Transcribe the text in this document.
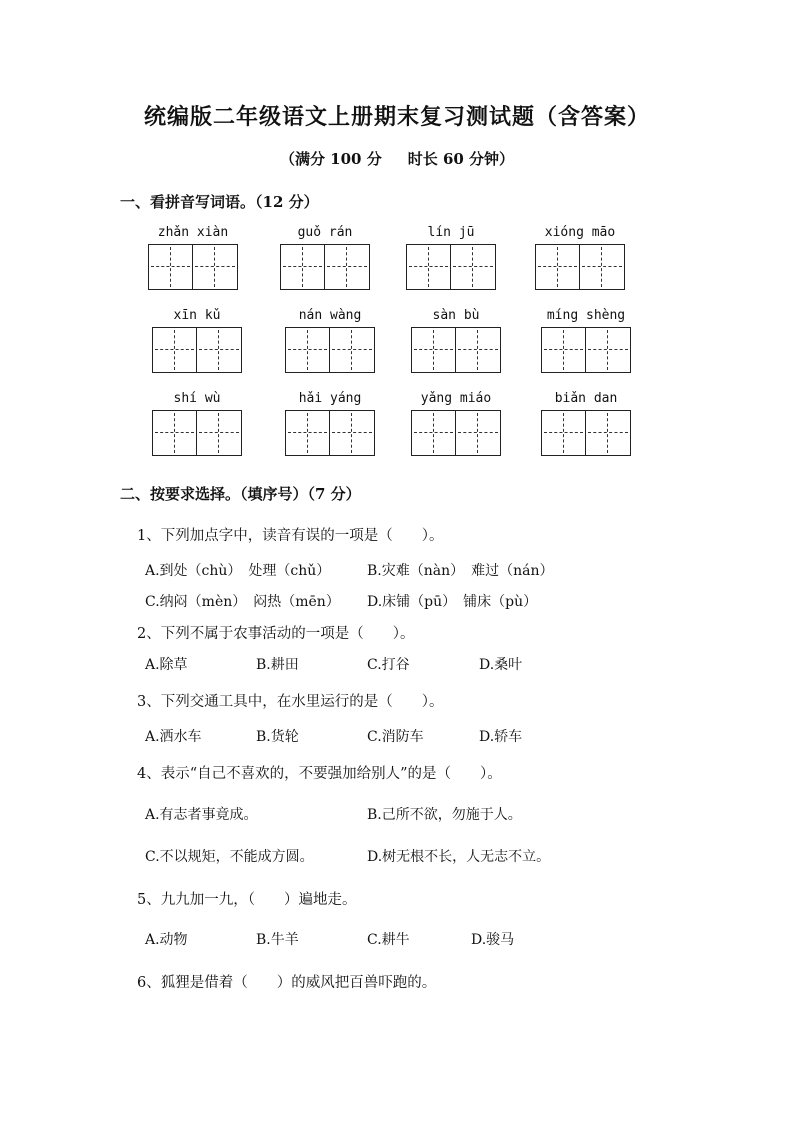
统编版二年级语文上册期末复习测试题（含答案）
（满分 100 分 时长 60 分钟）
一、看拼音写词语。（12 分）
zhǎn xiàn	guǒ rán	lín jū	xióng māo
xīn kǔ	nán wàng	sàn bù	míng shèng
shí wù	hǎi yáng	yǎng miáo	biǎn dan
二、按要求选择。（填序号）（7 分）
1、下列加点字中，读音有误的一项是（　　）。
A.到处（chù）　处理（chǔ）	B.灾难（nàn）　难过（nán）
C.纳闷（mèn）　闷热（mēn） D.床铺（pū）　铺床（pù）
2、下列不属于农事活动的一项是（　　）。
A.除草	B.耕田	C.打谷	D.桑叶
3、下列交通工具中，在水里运行的是（　　）。
A.洒水车	B.货轮	C.消防车	D.轿车
4、表示“自己不喜欢的，不要强加给别人”的是（　　）。
A.有志者事竟成。	B.己所不欲，勿施于人。
C.不以规矩，不能成方圆。	D.树无根不长，人无志不立。
5、九九加一九，（　　）遍地走。
A.动物	B.牛羊	C.耕牛	D.骏马
6、狐狸是借着（　　）的威风把百兽吓跑的。
